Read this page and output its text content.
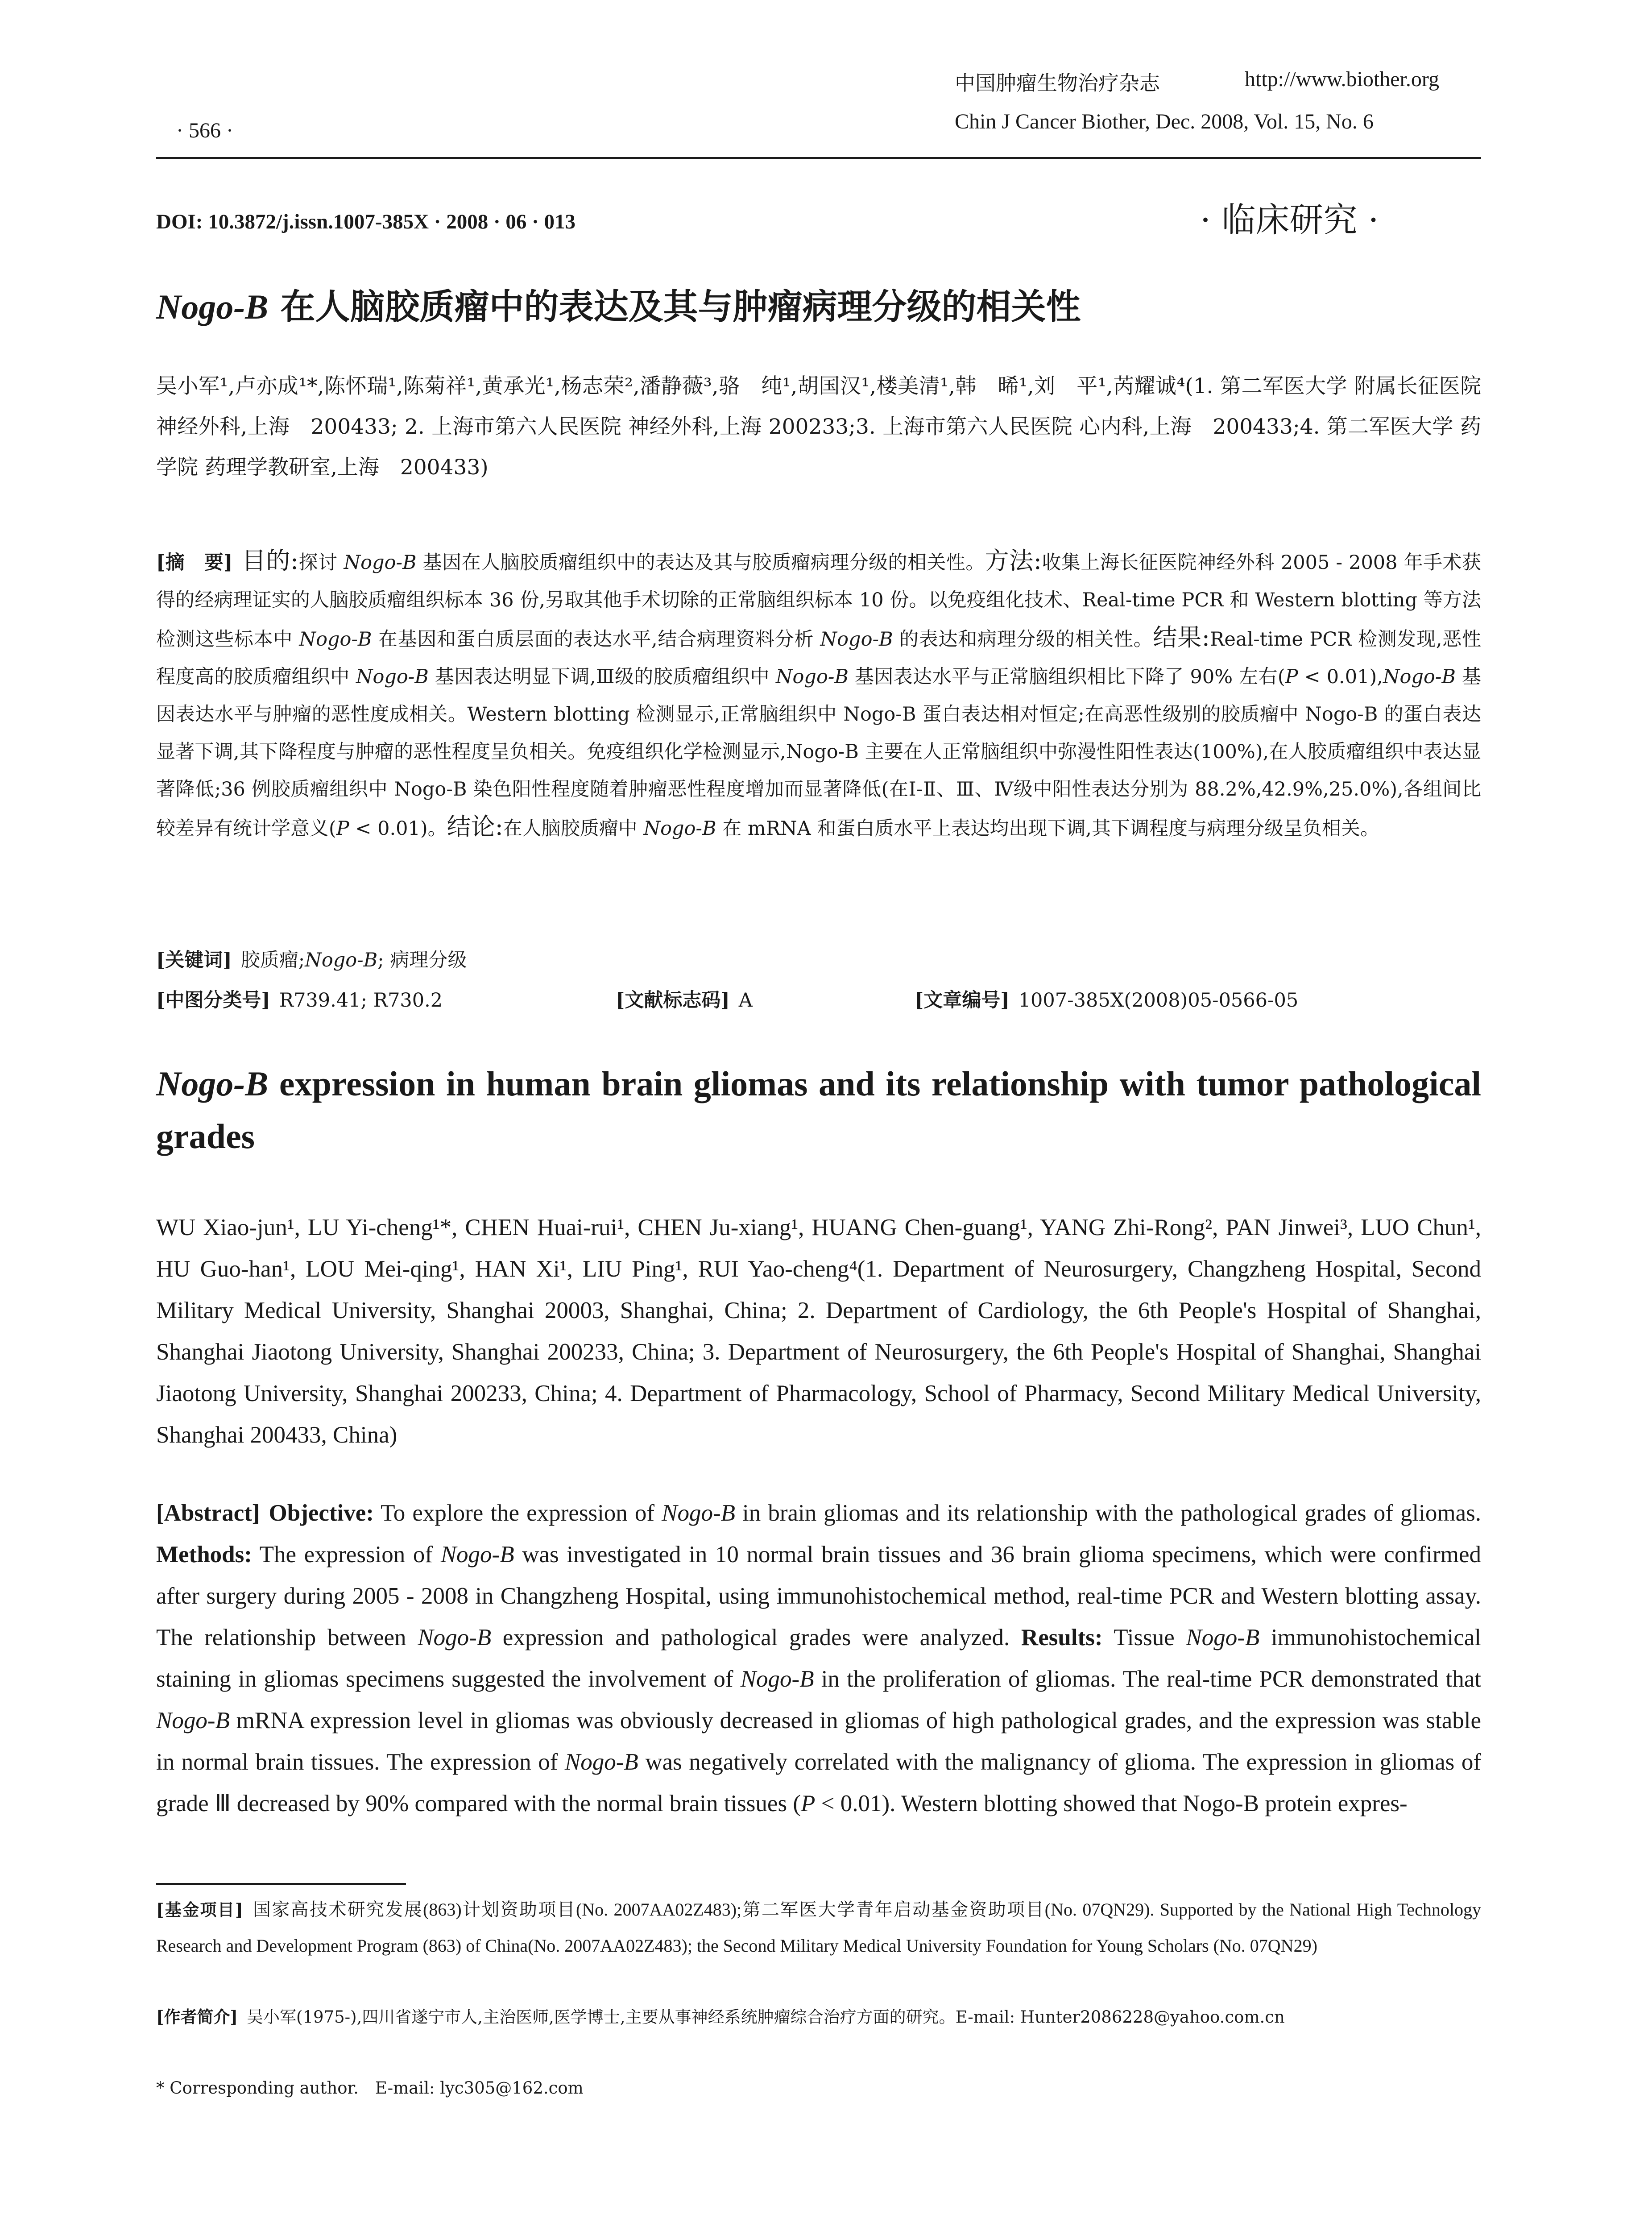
中国肿瘤生物治疗杂志	http://www.biother.org
· 566 ·	Chin J Cancer Biother, Dec. 2008, Vol. 15, No. 6
DOI: 10.3872/j.issn.1007-385X · 2008 · 06 · 013	· 临床研究 ·
Nogo-B 在人脑胶质瘤中的表达及其与肿瘤病理分级的相关性

吴小军¹,卢亦成¹*,陈怀瑞¹,陈菊祥¹,黄承光¹,杨志荣²,潘静薇³,骆　纯¹,胡国汉¹,楼美清¹,韩　晞¹,刘　平¹,芮耀诚⁴(1. 第二军医大学 附属长征医院 神经外科,上海　200433; 2. 上海市第六人民医院 神经外科,上海 200233;3. 上海市第六人民医院 心内科,上海　200433;4. 第二军医大学 药学院 药理学教研室,上海　200433)

[摘　要] 目的:探讨 Nogo-B 基因在人脑胶质瘤组织中的表达及其与胶质瘤病理分级的相关性。方法:收集上海长征医院神经外科 2005 - 2008 年手术获得的经病理证实的人脑胶质瘤组织标本 36 份,另取其他手术切除的正常脑组织标本 10 份。以免疫组化技术、Real-time PCR 和 Western blotting 等方法检测这些标本中 Nogo-B 在基因和蛋白质层面的表达水平,结合病理资料分析 Nogo-B 的表达和病理分级的相关性。结果:Real-time PCR 检测发现,恶性程度高的胶质瘤组织中 Nogo-B 基因表达明显下调,Ⅲ级的胶质瘤组织中 Nogo-B 基因表达水平与正常脑组织相比下降了 90% 左右(P < 0.01),Nogo-B 基因表达水平与肿瘤的恶性度成相关。Western blotting 检测显示,正常脑组织中 Nogo-B 蛋白表达相对恒定;在高恶性级别的胶质瘤中 Nogo-B 的蛋白表达显著下调,其下降程度与肿瘤的恶性程度呈负相关。免疫组织化学检测显示,Nogo-B 主要在人正常脑组织中弥漫性阳性表达(100%),在人胶质瘤组织中表达显著降低;36 例胶质瘤组织中 Nogo-B 染色阳性程度随着肿瘤恶性程度增加而显著降低(在Ⅰ-Ⅱ、Ⅲ、Ⅳ级中阳性表达分别为 88.2%,42.9%,25.0%),各组间比较差异有统计学意义(P < 0.01)。结论:在人脑胶质瘤中 Nogo-B 在 mRNA 和蛋白质水平上表达均出现下调,其下调程度与病理分级呈负相关。

[关键词] 胶质瘤;Nogo-B; 病理分级
[中图分类号] R739.41; R730.2	[文献标志码] A	[文章编号] 1007-385X(2008)05-0566-05

Nogo-B expression in human brain gliomas and its relationship with tumor pathological grades

WU Xiao-jun¹, LU Yi-cheng¹*, CHEN Huai-rui¹, CHEN Ju-xiang¹, HUANG Chen-guang¹, YANG Zhi-Rong², PAN Jinwei³, LUO Chun¹, HU Guo-han¹, LOU Mei-qing¹, HAN Xi¹, LIU Ping¹, RUI Yao-cheng⁴(1. Department of Neurosurgery, Changzheng Hospital, Second Military Medical University, Shanghai 20003, Shanghai, China; 2. Department of Cardiology, the 6th People's Hospital of Shanghai, Shanghai Jiaotong University, Shanghai 200233, China; 3. Department of Neurosurgery, the 6th People's Hospital of Shanghai, Shanghai Jiaotong University, Shanghai 200233, China; 4. Department of Pharmacology, School of Pharmacy, Second Military Medical University, Shanghai 200433, China)

[Abstract] Objective: To explore the expression of Nogo-B in brain gliomas and its relationship with the pathological grades of gliomas. Methods: The expression of Nogo-B was investigated in 10 normal brain tissues and 36 brain glioma specimens, which were confirmed after surgery during 2005 - 2008 in Changzheng Hospital, using immunohistochemical method, real-time PCR and Western blotting assay. The relationship between Nogo-B expression and pathological grades were analyzed. Results: Tissue Nogo-B immunohistochemical staining in gliomas specimens suggested the involvement of Nogo-B in the proliferation of gliomas. The real-time PCR demonstrated that Nogo-B mRNA expression level in gliomas was obviously decreased in gliomas of high pathological grades, and the expression was stable in normal brain tissues. The expression of Nogo-B was negatively correlated with the malignancy of glioma. The expression in gliomas of grade Ⅲ decreased by 90% compared with the normal brain tissues (P < 0.01). Western blotting showed that Nogo-B protein expres-

[基金项目] 国家高技术研究发展(863)计划资助项目(No. 2007AA02Z483);第二军医大学青年启动基金资助项目(No. 07QN29). Supported by the National High Technology Research and Development Program (863) of China(No. 2007AA02Z483); the Second Military Medical University Foundation for Young Scholars (No. 07QN29)

[作者简介] 吴小军(1975-),四川省遂宁市人,主治医师,医学博士,主要从事神经系统肿瘤综合治疗方面的研究。E-mail: Hunter2086228@yahoo.com.cn

* Corresponding author.　E-mail: lyc305@162.com
